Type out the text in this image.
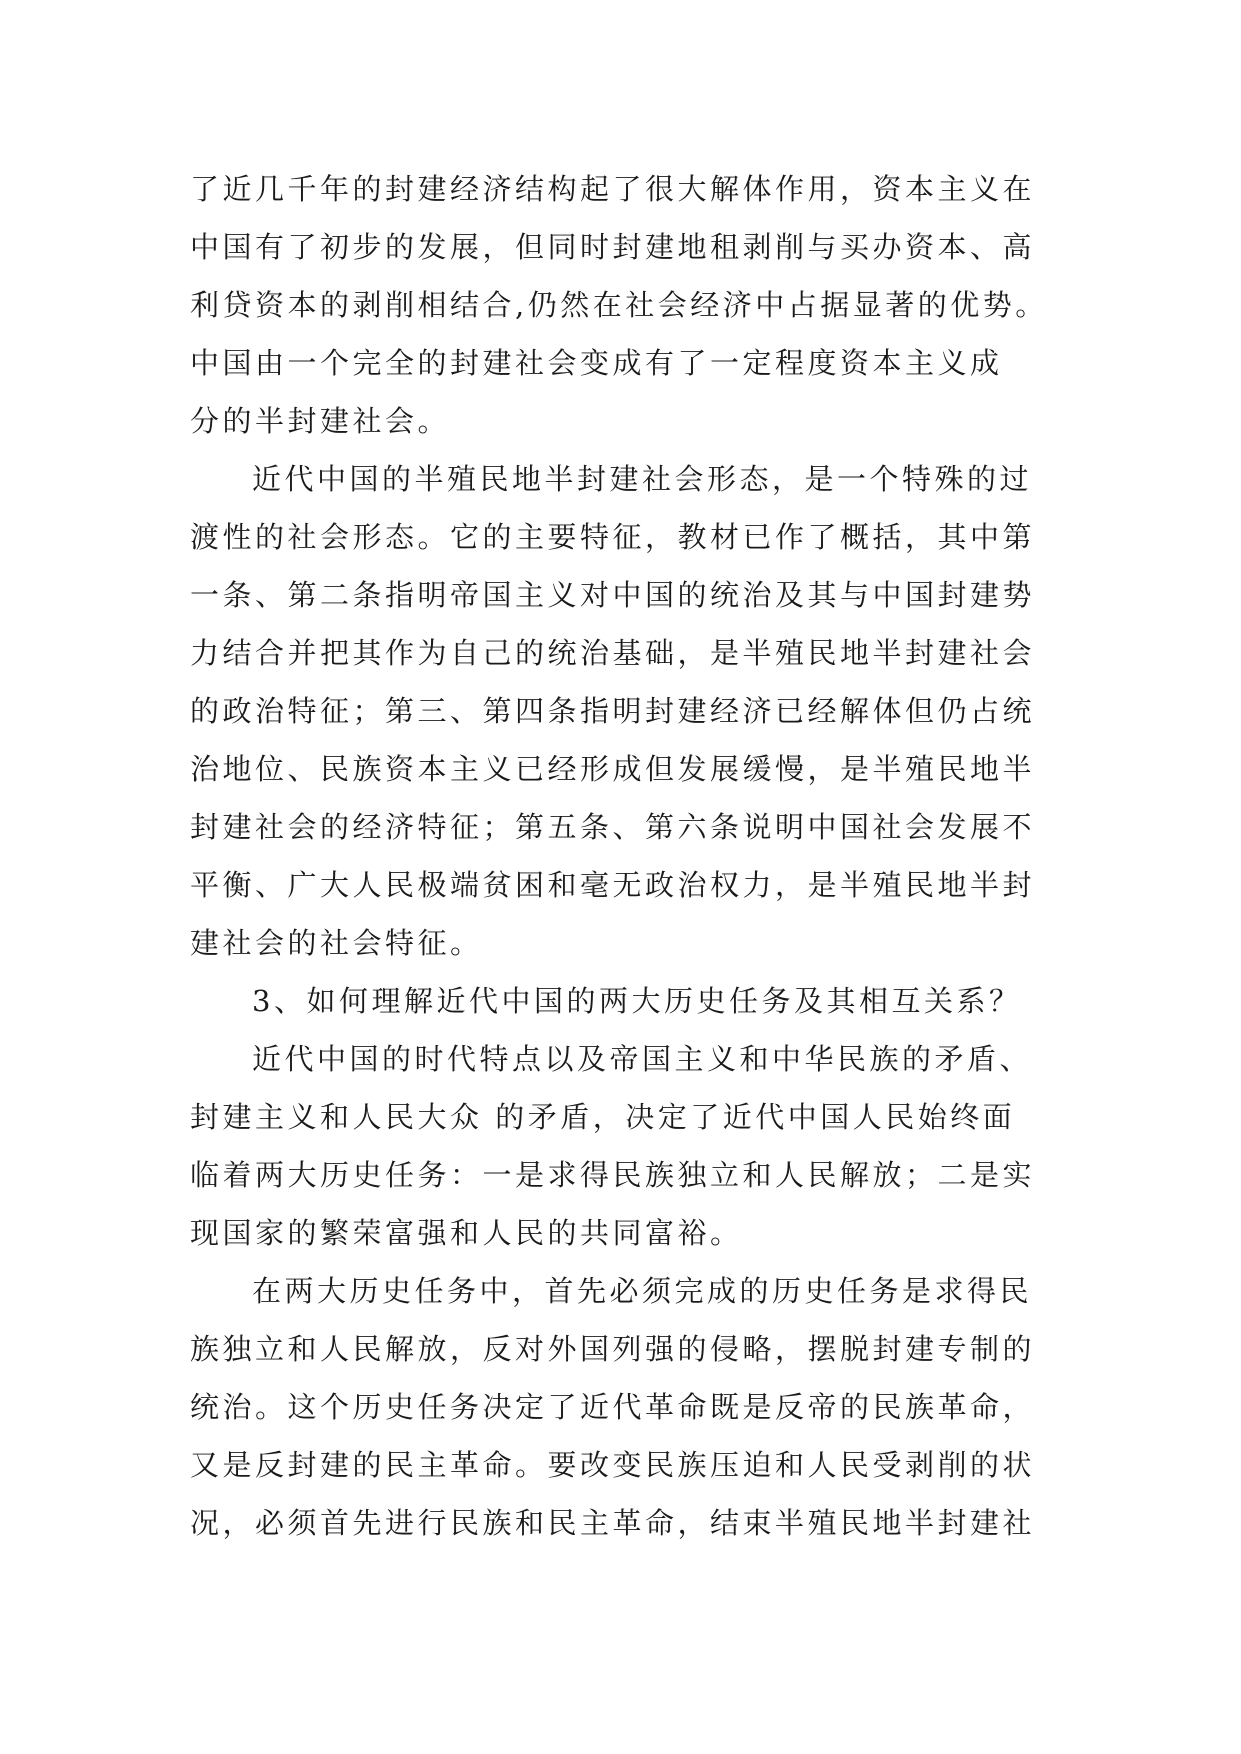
了近几千年的封建经济结构起了很大解体作用，资本主义在
中国有了初步的发展，但同时封建地租剥削与买办资本、高
利贷资本的剥削相结合,仍然在社会经济中占据显著的优势。
中国由一个完全的封建社会变成有了一定程度资本主义成
分的半封建社会。
近代中国的半殖民地半封建社会形态，是一个特殊的过
渡性的社会形态。它的主要特征，教材已作了概括，其中第
一条、第二条指明帝国主义对中国的统治及其与中国封建势
力结合并把其作为自己的统治基础，是半殖民地半封建社会
的政治特征；第三、第四条指明封建经济已经解体但仍占统
治地位、民族资本主义已经形成但发展缓慢，是半殖民地半
封建社会的经济特征；第五条、第六条说明中国社会发展不
平衡、广大人民极端贫困和毫无政治权力，是半殖民地半封
建社会的社会特征。
3、如何理解近代中国的两大历史任务及其相互关系？
近代中国的时代特点以及帝国主义和中华民族的矛盾、
封建主义和人民大众 的矛盾，决定了近代中国人民始终面
临着两大历史任务：一是求得民族独立和人民解放；二是实
现国家的繁荣富强和人民的共同富裕。
在两大历史任务中，首先必须完成的历史任务是求得民
族独立和人民解放，反对外国列强的侵略，摆脱封建专制的
统治。这个历史任务决定了近代革命既是反帝的民族革命，
又是反封建的民主革命。要改变民族压迫和人民受剥削的状
况，必须首先进行民族和民主革命，结束半殖民地半封建社
